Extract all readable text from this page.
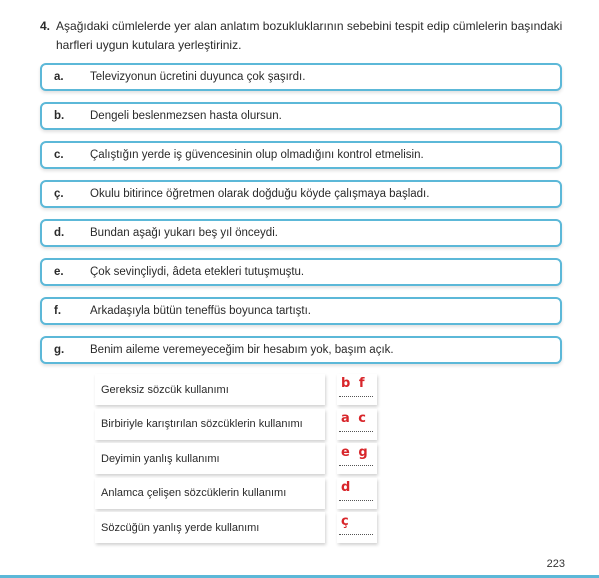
4. Aşağıdaki cümlelerde yer alan anlatım bozukluklarının sebebini tespit edip cümlelerin başındaki
harfleri uygun kutulara yerleştiriniz.
a.	Televizyonun ücretini duyunca çok şaşırdı.
b.	Dengeli beslenmezsen hasta olursun.
c.	Çalıştığın yerde iş güvencesinin olup olmadığını kontrol etmelisin.
ç.	Okulu bitirince öğretmen olarak doğduğu köyde çalışmaya başladı.
d.	Bundan aşağı yukarı beş yıl önceydi.
e.	Çok sevinçliydi, âdeta etekleri tutuşmuştu.
f.	Arkadaşıyla bütün teneffüs boyunca tartıştı.
g.	Benim aileme veremeyeceğim bir hesabım yok, başım açık.
Gereksiz sözcük kullanımı	b f
Birbiriyle karıştırılan sözcüklerin kullanımı	a c
Deyimin yanlış kullanımı	e g
Anlamca çelişen sözcüklerin kullanımı	d
Sözcüğün yanlış yerde kullanımı	ç
223
